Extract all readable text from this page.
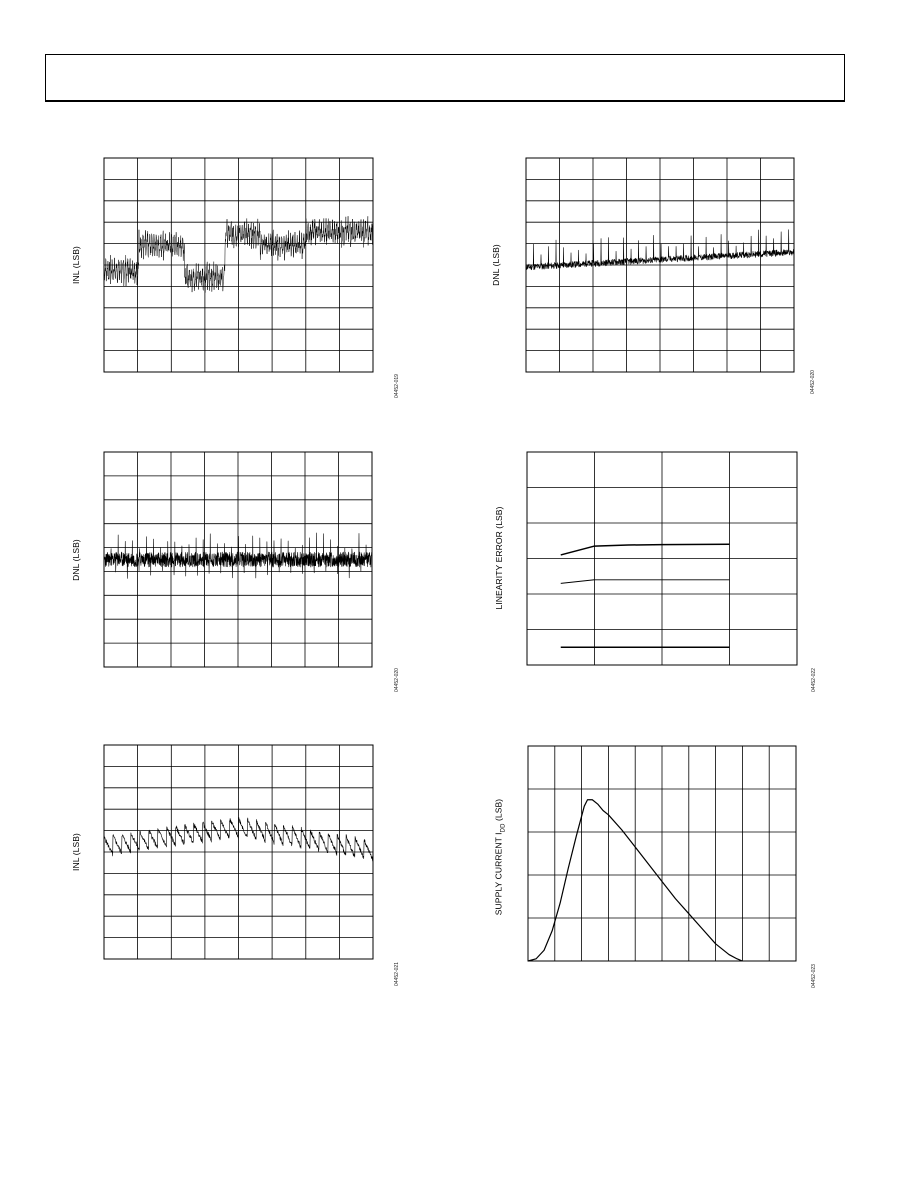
INL (LSB)
04452-019
DNL (LSB)
04452-020
DNL (LSB)
04452-020
LINEARITY ERROR (LSB)
04452-022
INL (LSB)
04452-021
SUPPLY CURRENT $I_{DD}$ (LSB)
04452-023
